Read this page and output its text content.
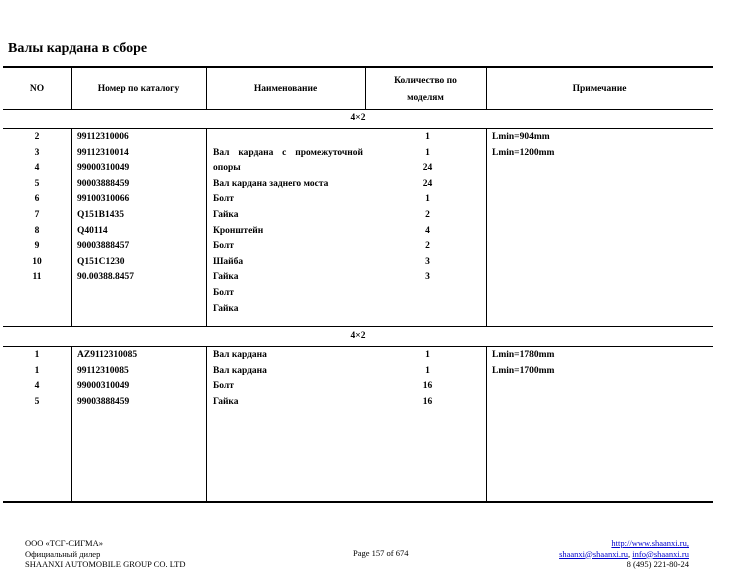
Валы кардана в сборе
NO	Номер по каталогу	Наименование
Количество по
моделям
Примечание
4×2
2
3
4
5
6
7
8
9
10
11
99112310006
99112310014
99000310049
90003888459
99100310066
Q151B1435
Q40114
90003888457
Q151C1230
90.00388.8457
Вал кардана с промежуточной
опоры
Вал кардана заднего моста
Болт
Гайка
Кронштейн
Болт
Шайба
Гайка
Болт
Гайка
1
1
24
24
1
2
4
2
3
3
Lmin=904mm
Lmin=1200mm
4×2
1
1
4
5
AZ9112310085
99112310085
99000310049
99003888459
Вал кардана
Вал кардана
Болт
Гайка
1
1
16
16
Lmin=1780mm
Lmin=1700mm
ООО «ТСГ-СИГМА»
Официальный дилер
SHAANXI AUTOMOBILE GROUP CO. LTD
Page 157 of 674
http://www.shaanxi.ru,
shaanxi@shaanxi.ru, info@shaanxi.ru
8 (495) 221-80-24
